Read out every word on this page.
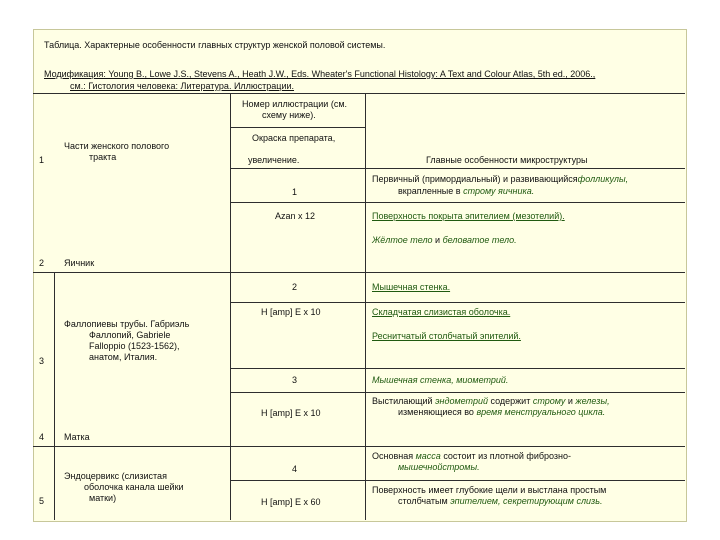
Таблица. Характерные особенности главных структур женской половой системы.
Модификация: Young B., Lowe J.S., Stevens A., Heath J.W., Eds. Wheater's Functional Histology: A Text and Colour Atlas, 5th ed., 2006.,
см.: Гистология человека: Литература. Иллюстрации.
Номер иллюстрации (см.
схему ниже).
Окраска препарата,
увеличение.
Части женского полового
тракта
1	Главные особенности микроструктуры
1
Azan x 12
Первичный (примордиальный) и развивающийсяфолликулы,
вкрапленные в строму яичника.
Поверхность покрыта эпителием (мезотелий).
Жёлтое тело и беловатое тело.
2 Яичник
2
H [amp] E x 10
Мышечная стенка.
Складчатая слизистая оболочка.
Реснитчатый столбчатый эпителий.
Фаллопиевы трубы. Габриэль
Фаллопий, Gabriele
Falloppio (1523-1562),
анатом, Италия.
3
3
H [amp] E x 10
Мышечная стенка, миометрий.
Выстилающий эндометрий содержит строму и железы,
изменяющиеся во время менструального цикла.
4 Матка
4
H [amp] E x 60
Основная масса состоит из плотной фиброзно-
мышечнойстромы.
Поверхность имеет глубокие щели и выстлана простым
столбчатым эпителием, секретирующим слизь.
Эндоцервикс (слизистая
оболочка канала шейки
матки)
5
